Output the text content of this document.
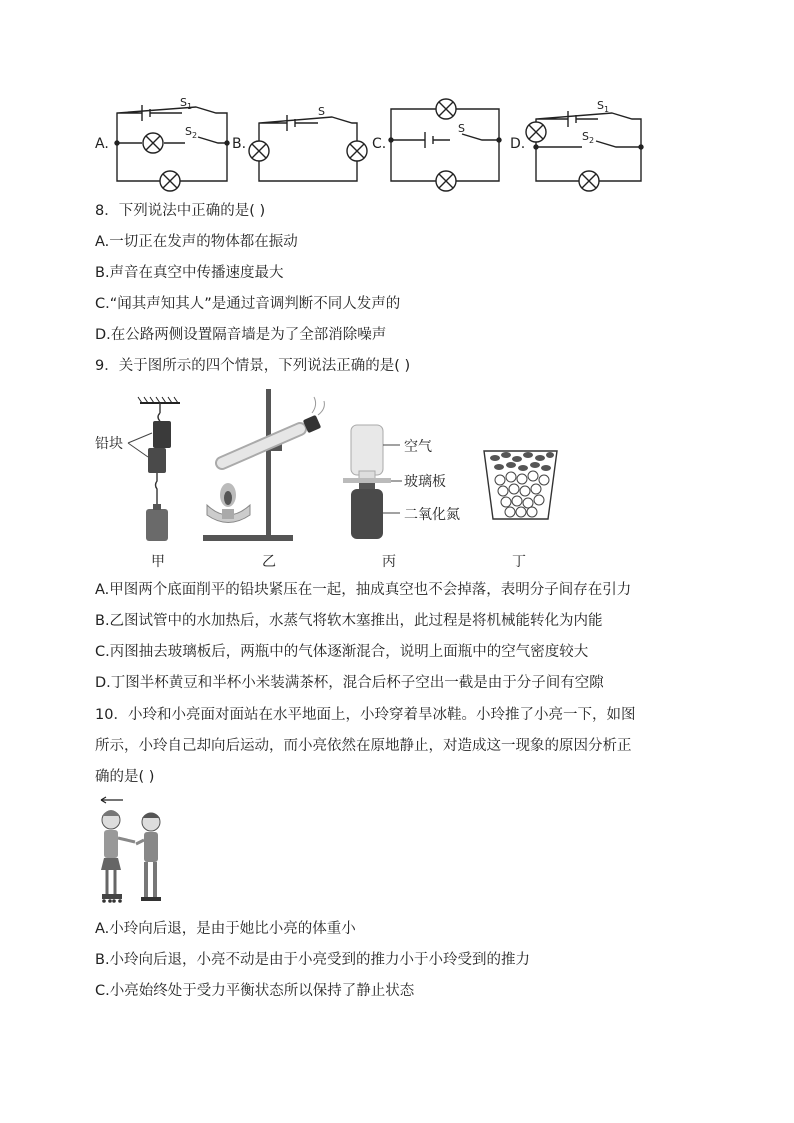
$S_1$
$S_2$
S
S
$S_1$
$S_2$
A.	B.	C.	D.
8．下列说法中正确的是( )
A.一切正在发声的物体都在振动
B.声音在真空中传播速度最大
C.“闻其声知其人”是通过音调判断不同人发声的
D.在公路两侧设置隔音墙是为了全部消除噪声
9．关于图所示的四个情景，下列说法正确的是( )
铅块	空气
玻璃板
二氧化氮
甲	乙	丙	丁
A.甲图两个底面削平的铅块紧压在一起，抽成真空也不会掉落，表明分子间存在引力
B.乙图试管中的水加热后，水蒸气将软木塞推出，此过程是将机械能转化为内能
C.丙图抽去玻璃板后，两瓶中的气体逐渐混合，说明上面瓶中的空气密度较大
D.丁图半杯黄豆和半杯小米装满茶杯，混合后杯子空出一截是由于分子间有空隙
10．小玲和小亮面对面站在水平地面上，小玲穿着旱冰鞋。小玲推了小亮一下，如图
所示，小玲自己却向后运动，而小亮依然在原地静止，对造成这一现象的原因分析正
确的是( )
A.小玲向后退，是由于她比小亮的体重小
B.小玲向后退，小亮不动是由于小亮受到的推力小于小玲受到的推力
C.小亮始终处于受力平衡状态所以保持了静止状态
